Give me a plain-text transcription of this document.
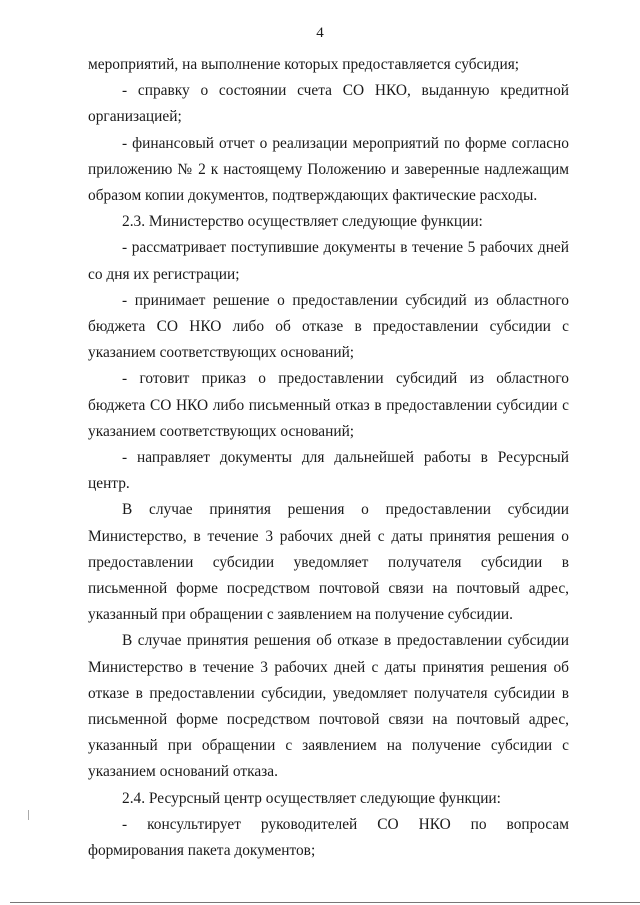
4

мероприятий, на выполнение которых предоставляется субсидия;

- справку о состоянии счета СО НКО, выданную кредитной организацией;

- финансовый отчет о реализации мероприятий по форме согласно приложению № 2 к настоящему Положению и заверенные надлежащим образом копии документов, подтверждающих фактические расходы.

2.3. Министерство осуществляет следующие функции:

- рассматривает поступившие документы в течение 5 рабочих дней со дня их регистрации;

- принимает решение о предоставлении субсидий из областного бюджета СО НКО либо об отказе в предоставлении субсидии с указанием соответствующих оснований;

- готовит приказ о предоставлении субсидий из областного бюджета СО НКО либо письменный отказ в предоставлении субсидии с указанием соответствующих оснований;

- направляет документы для дальнейшей работы в Ресурсный центр.

В случае принятия решения о предоставлении субсидии Министерство, в течение 3 рабочих дней с даты принятия решения о предоставлении субсидии уведомляет получателя субсидии в письменной форме посредством почтовой связи на почтовый адрес, указанный при обращении с заявлением на получение субсидии.

В случае принятия решения об отказе в предоставлении субсидии Министерство в течение 3 рабочих дней с даты принятия решения об отказе в предоставлении субсидии, уведомляет получателя субсидии в письменной форме посредством почтовой связи на почтовый адрес, указанный при обращении с заявлением на получение субсидии с указанием оснований отказа.

2.4. Ресурсный центр осуществляет следующие функции:

- консультирует руководителей СО НКО по вопросам формирования пакета документов;
